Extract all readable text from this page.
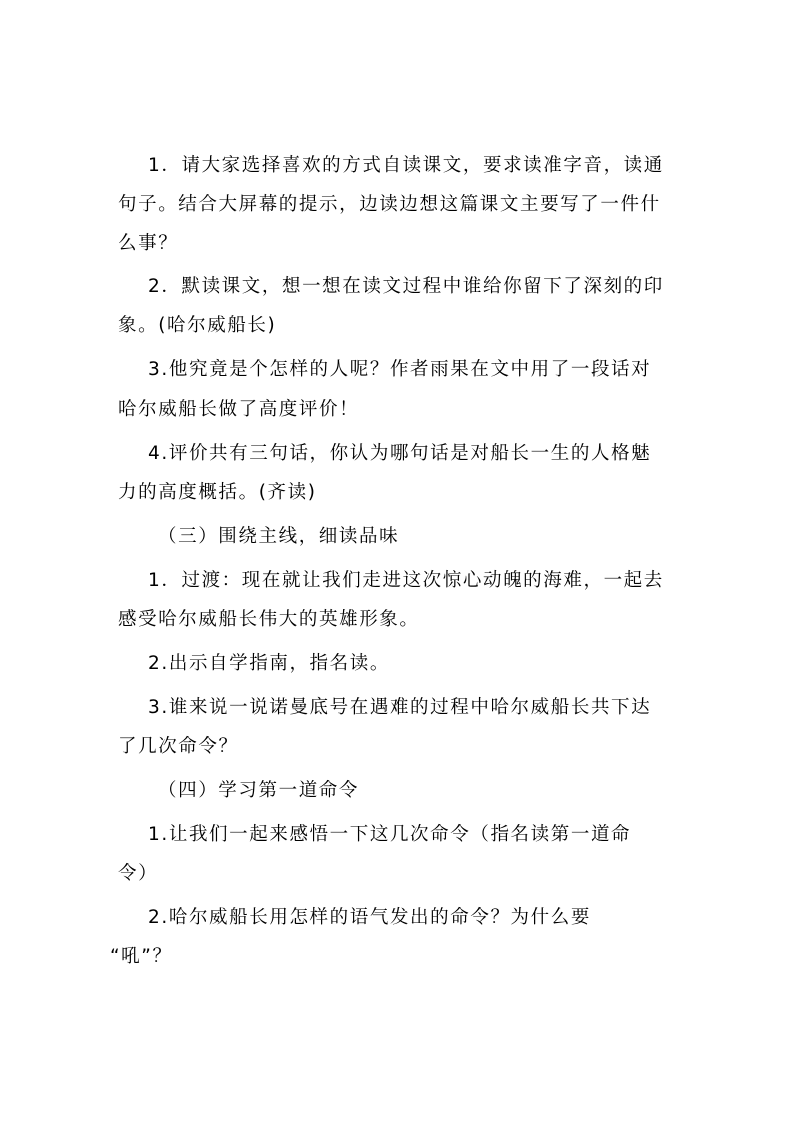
1．请大家选择喜欢的方式自读课文，要求读准字音，读通
句子。结合大屏幕的提示，边读边想这篇课文主要写了一件什
么事？
2．默读课文，想一想在读文过程中谁给你留下了深刻的印
象。(哈尔威船长)
3.他究竟是个怎样的人呢？作者雨果在文中用了一段话对
哈尔威船长做了高度评价！
4.评价共有三句话，你认为哪句话是对船长一生的人格魅
力的高度概括。(齐读)
（三）围绕主线，细读品味
1．过渡：现在就让我们走进这次惊心动魄的海难，一起去
感受哈尔威船长伟大的英雄形象。
2.出示自学指南，指名读。
3.谁来说一说诺曼底号在遇难的过程中哈尔威船长共下达
了几次命令？
（四）学习第一道命令
1.让我们一起来感悟一下这几次命令（指名读第一道命
令）
2.哈尔威船长用怎样的语气发出的命令？为什么要
“吼”？
